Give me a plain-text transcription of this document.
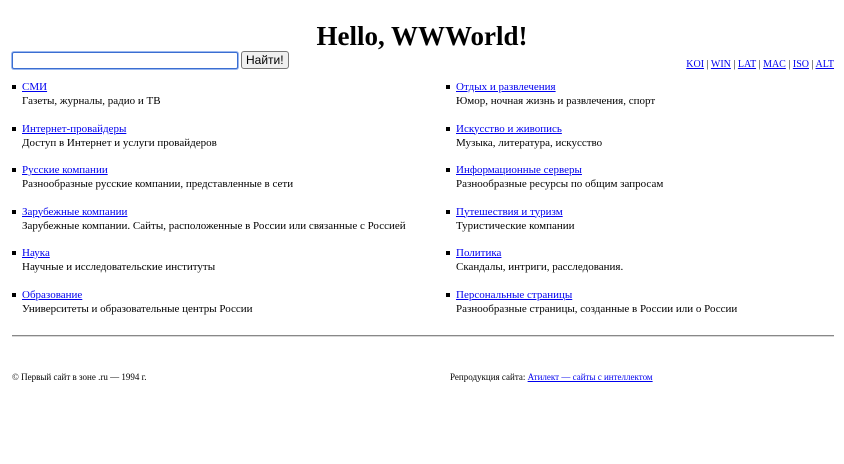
Hello, WWWorld!
Найти!	KOI | WIN | LAT | MAC | ISO | ALT
СМИ
Газеты, журналы, радио и ТВ
Интернет-провайдеры
Доступ в Интернет и услуги провайдеров
Русские компании
Разнообразные русские компании, представленные в сети
Зарубежные компании
Зарубежные компании. Сайты, расположенные в России или связанные с Россией
Наука
Научные и исследовательские институты
Образование
Университеты и образовательные центры России
Отдых и развлечения
Юмор, ночная жизнь и развлечения, спорт
Искусство и живопись
Музыка, литература, искусство
Информационные серверы
Разнообразные ресурсы по общим запросам
Путешествия и туризм
Туристические компании
Политика
Скандалы, интриги, расследования.
Персональные страницы
Разнообразные страницы, созданные в России или о России
© Первый сайт в зоне .ru — 1994 г.	Репродукция сайта: Атилект — сайты с интеллектом
